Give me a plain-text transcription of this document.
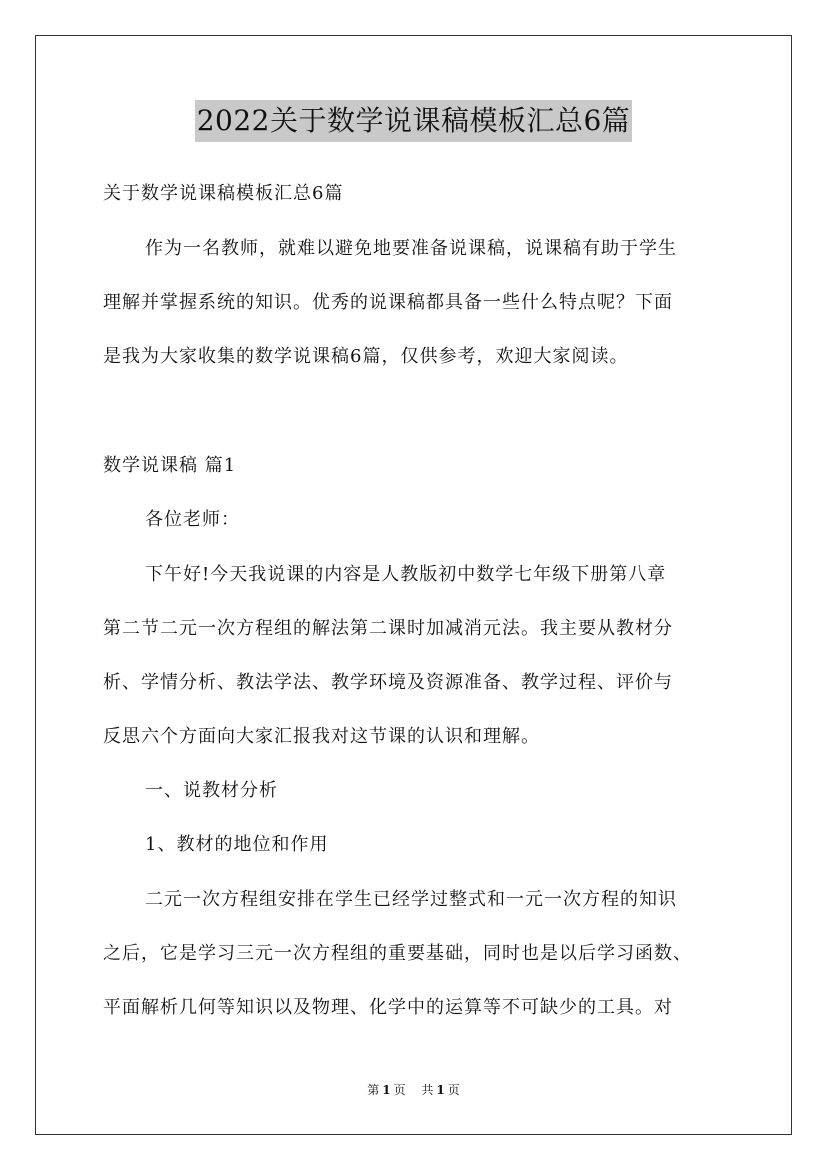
2022关于数学说课稿模板汇总6篇
关于数学说课稿模板汇总6篇
作为一名教师，就难以避免地要准备说课稿，说课稿有助于学生
理解并掌握系统的知识。优秀的说课稿都具备一些什么特点呢？下面
是我为大家收集的数学说课稿6篇，仅供参考，欢迎大家阅读。
数学说课稿 篇1
各位老师：
下午好!今天我说课的内容是人教版初中数学七年级下册第八章
第二节二元一次方程组的解法第二课时加减消元法。我主要从教材分
析、学情分析、教法学法、教学环境及资源准备、教学过程、评价与
反思六个方面向大家汇报我对这节课的认识和理解。
一、说教材分析
1、教材的地位和作用
二元一次方程组安排在学生已经学过整式和一元一次方程的知识
之后，它是学习三元一次方程组的重要基础，同时也是以后学习函数、
平面解析几何等知识以及物理、化学中的运算等不可缺少的工具。对
第 1 页 共 1 页
